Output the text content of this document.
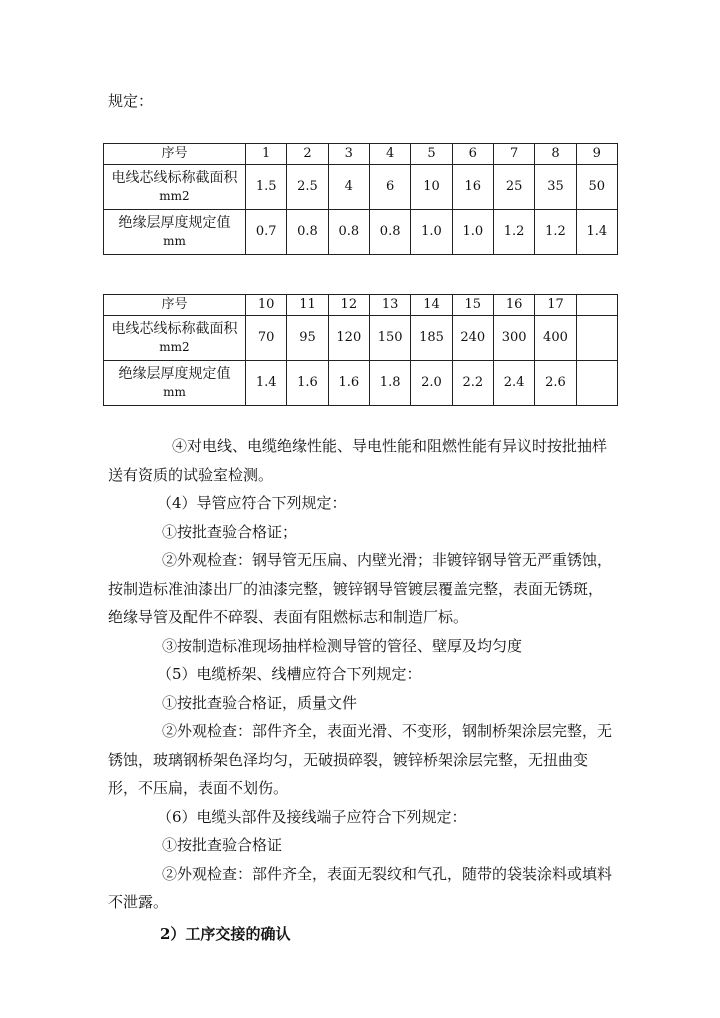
规定：
序号	1	2	3	4	5	6	7	8	9

电线芯线标称截面积
mm2	1.5	2.5	4	6	10	16	25	35	50

绝缘层厚度规定值
mm	0.7	0.8	0.8	0.8	1.0	1.0	1.2	1.2	1.4
序号	10	11	12	13	14	15	16	17	

电线芯线标称截面积
mm2	70	95	120	150	185	240	300	400	

绝缘层厚度规定值
mm	1.4	1.6	1.6	1.8	2.0	2.2	2.4	2.6	

④对电线、电缆绝缘性能、导电性能和阻燃性能有异议时按批抽样送有资质的试验室检测。

（4）导管应符合下列规定：

①按批查验合格证；

②外观检查：钢导管无压扁、内壁光滑；非镀锌钢导管无严重锈蚀，按制造标准油漆出厂的油漆完整，镀锌钢导管镀层覆盖完整，表面无锈斑，绝缘导管及配件不碎裂、表面有阻燃标志和制造厂标。

③按制造标准现场抽样检测导管的管径、壁厚及均匀度

（5）电缆桥架、线槽应符合下列规定：

①按批查验合格证，质量文件

②外观检查：部件齐全，表面光滑、不变形，钢制桥架涂层完整，无锈蚀，玻璃钢桥架色泽均匀，无破损碎裂，镀锌桥架涂层完整，无扭曲变形，不压扁，表面不划伤。

（6）电缆头部件及接线端子应符合下列规定：

①按批查验合格证

②外观检查：部件齐全，表面无裂纹和气孔，随带的袋装涂料或填料不泄露。

2）工序交接的确认
